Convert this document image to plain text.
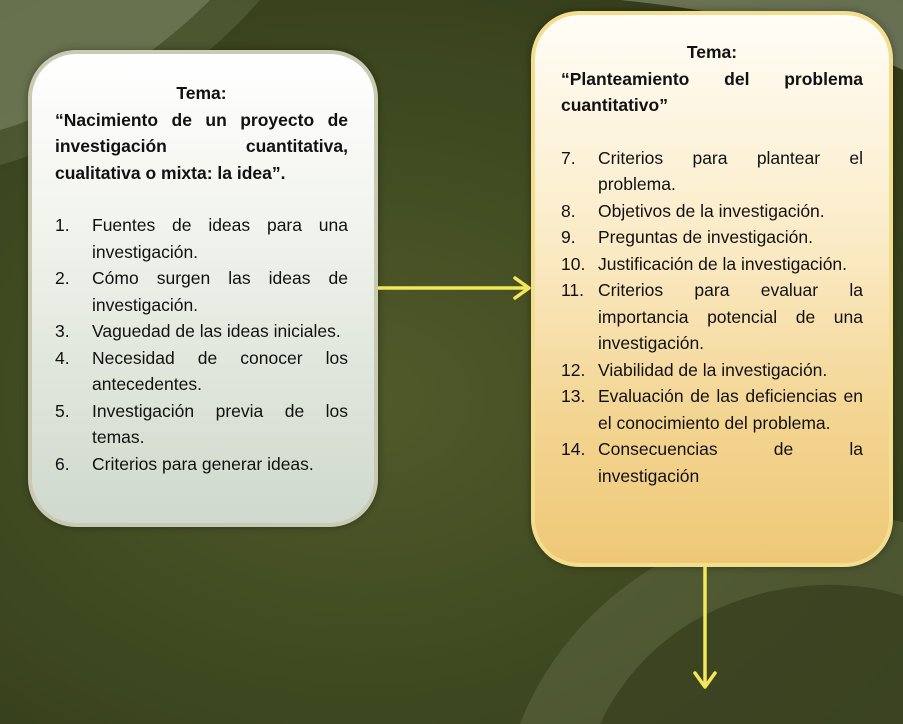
Tema:
“Nacimiento de un proyecto de investigación cuantitativa, cualitativa o mixta: la idea”.
1.	Fuentes de ideas para una investigación.
2.	Cómo surgen las ideas de investigación.
3.	Vaguedad de las ideas iniciales.
4.	Necesidad de conocer los antecedentes.
5.	Investigación previa de los temas.
6.	Criterios para generar ideas.
Tema:
“Planteamiento del problema cuantitativo”
7.	Criterios para plantear el problema.
8.	Objetivos de la investigación.
9.	Preguntas de investigación.
10. Justificación de la investigación.
11. Criterios para evaluar la importancia potencial de una investigación.
12. Viabilidad de la investigación.
13. Evaluación de las deficiencias en el conocimiento del problema.
14. Consecuencias de la investigación
